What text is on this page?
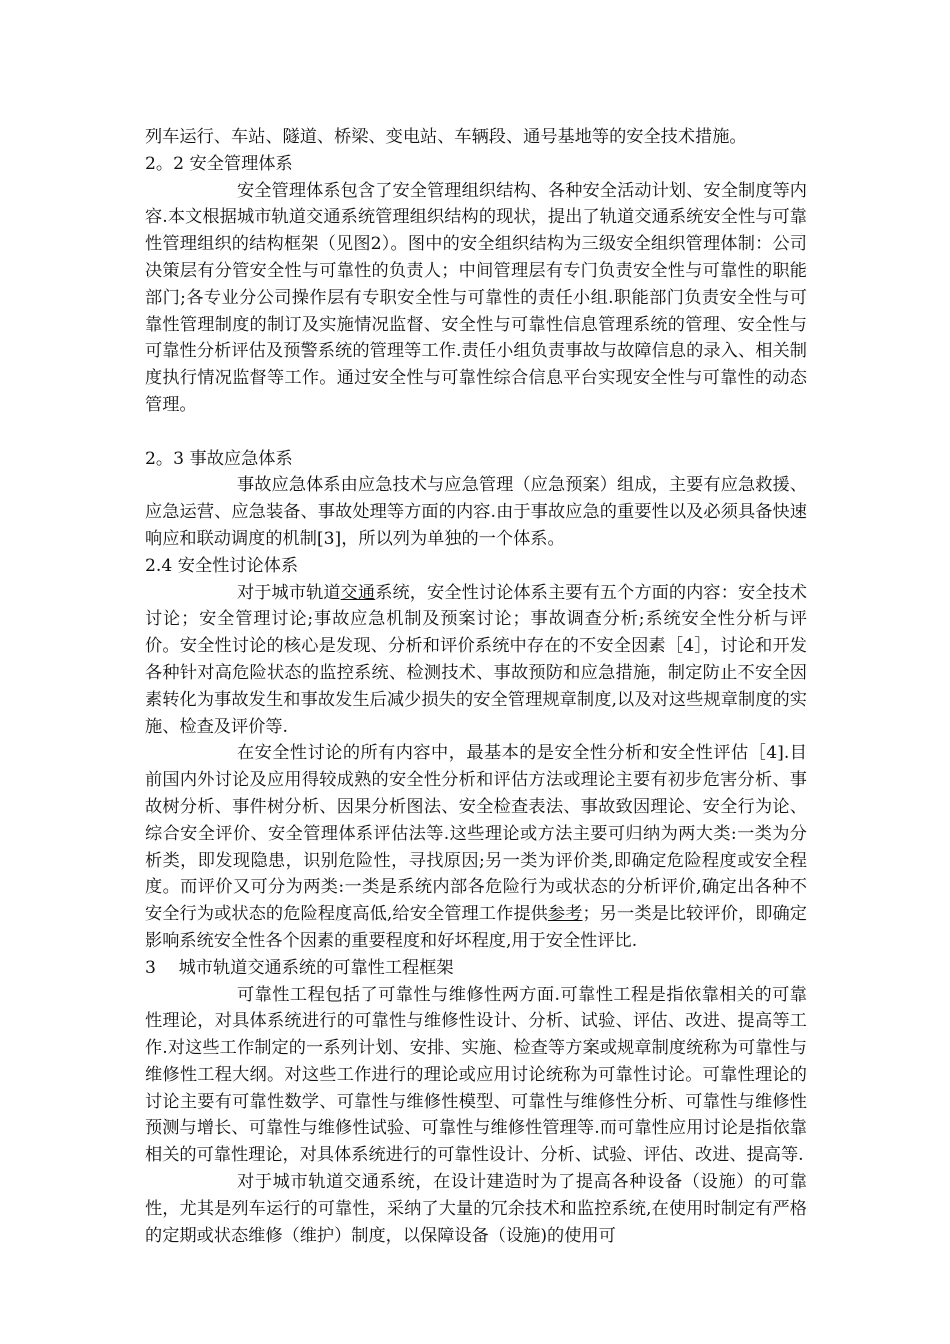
列车运行、车站、隧道、桥梁、变电站、车辆段、通号基地等的安全技术措施。

2。2 安全管理体系

安全管理体系包含了安全管理组织结构、各种安全活动计划、安全制度等内容.本文根据城市轨道交通系统管理组织结构的现状，提出了轨道交通系统安全性与可靠性管理组织的结构框架（见图2）。图中的安全组织结构为三级安全组织管理体制：公司决策层有分管安全性与可靠性的负责人；中间管理层有专门负责安全性与可靠性的职能部门;各专业分公司操作层有专职安全性与可靠性的责任小组.职能部门负责安全性与可靠性管理制度的制订及实施情况监督、安全性与可靠性信息管理系统的管理、安全性与可靠性分析评估及预警系统的管理等工作.责任小组负责事故与故障信息的录入、相关制度执行情况监督等工作。通过安全性与可靠性综合信息平台实现安全性与可靠性的动态管理。

2。3 事故应急体系

事故应急体系由应急技术与应急管理（应急预案）组成，主要有应急救援、应急运营、应急装备、事故处理等方面的内容.由于事故应急的重要性以及必须具备快速响应和联动调度的机制[3]，所以列为单独的一个体系。

2.4 安全性讨论体系

对于城市轨道交通系统，安全性讨论体系主要有五个方面的内容：安全技术讨论；安全管理讨论;事故应急机制及预案讨论；事故调查分析;系统安全性分析与评价。安全性讨论的核心是发现、分析和评价系统中存在的不安全因素［4］，讨论和开发各种针对高危险状态的监控系统、检测技术、事故预防和应急措施，制定防止不安全因素转化为事故发生和事故发生后减少损失的安全管理规章制度,以及对这些规章制度的实施、检查及评价等.

在安全性讨论的所有内容中，最基本的是安全性分析和安全性评估［4].目前国内外讨论及应用得较成熟的安全性分析和评估方法或理论主要有初步危害分析、事故树分析、事件树分析、因果分析图法、安全检查表法、事故致因理论、安全行为论、综合安全评价、安全管理体系评估法等.这些理论或方法主要可归纳为两大类:一类为分析类，即发现隐患，识别危险性，寻找原因;另一类为评价类,即确定危险程度或安全程度。而评价又可分为两类:一类是系统内部各危险行为或状态的分析评价,确定出各种不安全行为或状态的危险程度高低,给安全管理工作提供参考；另一类是比较评价，即确定影响系统安全性各个因素的重要程度和好坏程度,用于安全性评比.

3　 城市轨道交通系统的可靠性工程框架

可靠性工程包括了可靠性与维修性两方面.可靠性工程是指依靠相关的可靠性理论，对具体系统进行的可靠性与维修性设计、分析、试验、评估、改进、提高等工作.对这些工作制定的一系列计划、安排、实施、检查等方案或规章制度统称为可靠性与维修性工程大纲。对这些工作进行的理论或应用讨论统称为可靠性讨论。可靠性理论的讨论主要有可靠性数学、可靠性与维修性模型、可靠性与维修性分析、可靠性与维修性预测与增长、可靠性与维修性试验、可靠性与维修性管理等.而可靠性应用讨论是指依靠相关的可靠性理论，对具体系统进行的可靠性设计、分析、试验、评估、改进、提高等.

对于城市轨道交通系统，在设计建造时为了提高各种设备（设施）的可靠性，尤其是列车运行的可靠性，采纳了大量的冗余技术和监控系统,在使用时制定有严格的定期或状态维修（维护）制度，以保障设备（设施)的使用可
